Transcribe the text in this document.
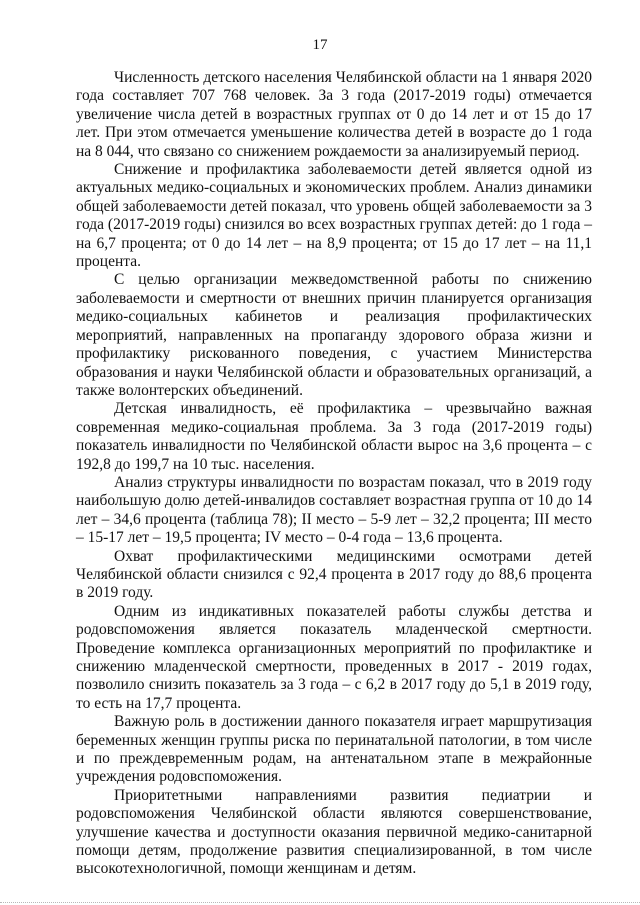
17

Численность детского населения Челябинской области на 1 января 2020 года составляет 707 768 человек. За 3 года (2017-2019 годы) отмечается увеличение числа детей в возрастных группах от 0 до 14 лет и от 15 до 17 лет. При этом отмечается уменьшение количества детей в возрасте до 1 года на 8 044, что связано со снижением рождаемости за анализируемый период.

Снижение и профилактика заболеваемости детей является одной из актуальных медико-социальных и экономических проблем. Анализ динамики общей заболеваемости детей показал, что уровень общей заболеваемости за 3 года (2017-2019 годы) снизился во всех возрастных группах детей: до 1 года – на 6,7 процента; от 0 до 14 лет – на 8,9 процента; от 15 до 17 лет – на 11,1 процента.

С целью организации межведомственной работы по снижению заболеваемости и смертности от внешних причин планируется организация медико-социальных кабинетов и реализация профилактических мероприятий, направленных на пропаганду здорового образа жизни и профилактику рискованного поведения, с участием Министерства образования и науки Челябинской области и образовательных организаций, а также волонтерских объединений.

Детская инвалидность, её профилактика – чрезвычайно важная современная медико-социальная проблема. За 3 года (2017-2019 годы) показатель инвалидности по Челябинской области вырос на 3,6 процента – с 192,8 до 199,7 на 10 тыс. населения.

Анализ структуры инвалидности по возрастам показал, что в 2019 году наибольшую долю детей-инвалидов составляет возрастная группа от 10 до 14 лет – 34,6 процента (таблица 78); II место – 5-9 лет – 32,2 процента; III место – 15-17 лет – 19,5 процента; IV место – 0-4 года – 13,6 процента.

Охват профилактическими медицинскими осмотрами детей Челябинской области снизился с 92,4 процента в 2017 году до 88,6 процента в 2019 году.

Одним из индикативных показателей работы службы детства и родовспоможения является показатель младенческой смертности. Проведение комплекса организационных мероприятий по профилактике и снижению младенческой смертности, проведенных в 2017 - 2019 годах, позволило снизить показатель за 3 года – с 6,2 в 2017 году до 5,1 в 2019 году, то есть на 17,7 процента.

Важную роль в достижении данного показателя играет маршрутизация беременных женщин группы риска по перинатальной патологии, в том числе и по преждевременным родам, на антенатальном этапе в межрайонные учреждения родовспоможения.

Приоритетными направлениями развития педиатрии и родовспоможения Челябинской области являются совершенствование, улучшение качества и доступности оказания первичной медико-санитарной помощи детям, продолжение развития специализированной, в том числе высокотехнологичной, помощи женщинам и детям.
